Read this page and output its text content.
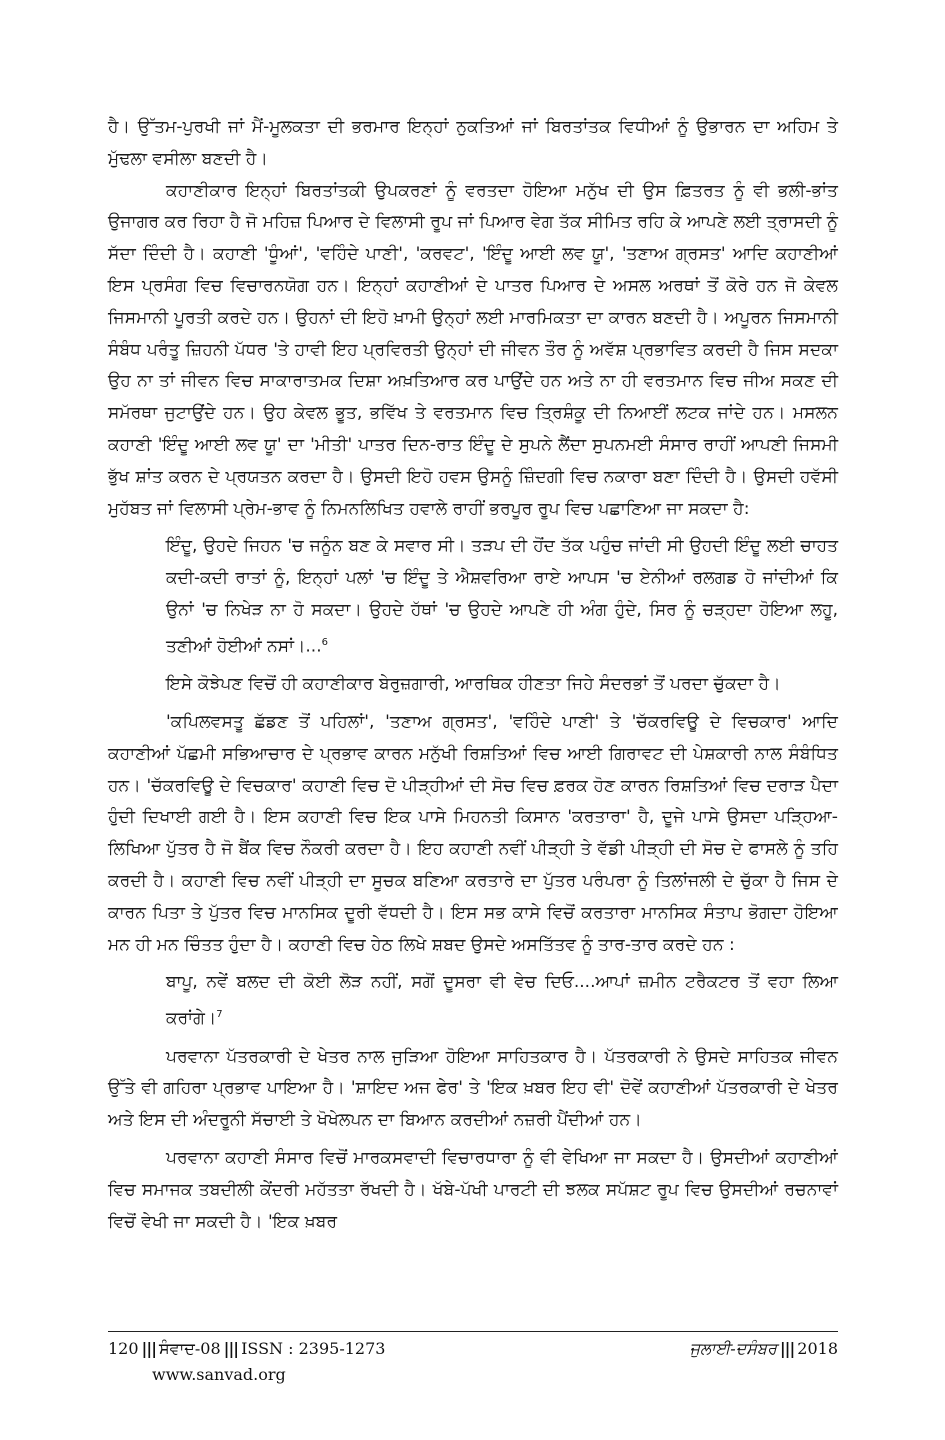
ਹੈ। ਉੱਤਮ-ਪੁਰਖੀ ਜਾਂ ਮੈਂ-ਮੂਲਕਤਾ ਦੀ ਭਰਮਾਰ ਇਨ੍ਹਾਂ ਨੁਕਤਿਆਂ ਜਾਂ ਬਿਰਤਾਂਤਕ ਵਿਧੀਆਂ ਨੂੰ ਉਭਾਰਨ ਦਾ ਅਹਿਮ ਤੇ ਮੁੱਢਲਾ ਵਸੀਲਾ ਬਣਦੀ ਹੈ।

ਕਹਾਣੀਕਾਰ ਇਨ੍ਹਾਂ ਬਿਰਤਾਂਤਕੀ ਉਪਕਰਣਾਂ ਨੂੰ ਵਰਤਦਾ ਹੋਇਆ ਮਨੁੱਖ ਦੀ ਉਸ ਫ਼ਿਤਰਤ ਨੂੰ ਵੀ ਭਲੀ-ਭਾਂਤ ਉਜਾਗਰ ਕਰ ਰਿਹਾ ਹੈ ਜੋ ਮਹਿਜ਼ ਪਿਆਰ ਦੇ ਵਿਲਾਸੀ ਰੂਪ ਜਾਂ ਪਿਆਰ ਵੇਗ ਤੱਕ ਸੀਮਿਤ ਰਹਿ ਕੇ ਆਪਣੇ ਲਈ ਤ੍ਰਾਸਦੀ ਨੂੰ ਸੱਦਾ ਦਿੰਦੀ ਹੈ। ਕਹਾਣੀ 'ਧੂੰਆਂ', 'ਵਹਿੰਦੇ ਪਾਣੀ', 'ਕਰਵਟ', 'ਇੰਦੂ ਆਈ ਲਵ ਯੂ', 'ਤਣਾਅ ਗ੍ਰਸਤ' ਆਦਿ ਕਹਾਣੀਆਂ ਇਸ ਪ੍ਰਸੰਗ ਵਿਚ ਵਿਚਾਰਨਯੋਗ ਹਨ। ਇਨ੍ਹਾਂ ਕਹਾਣੀਆਂ ਦੇ ਪਾਤਰ ਪਿਆਰ ਦੇ ਅਸਲ ਅਰਥਾਂ ਤੋਂ ਕੋਰੇ ਹਨ ਜੋ ਕੇਵਲ ਜਿਸਮਾਨੀ ਪੂਰਤੀ ਕਰਦੇ ਹਨ। ਉਹਨਾਂ ਦੀ ਇਹੋ ਖ਼ਾਮੀ ਉਨ੍ਹਾਂ ਲਈ ਮਾਰਮਿਕਤਾ ਦਾ ਕਾਰਨ ਬਣਦੀ ਹੈ। ਅਪੂਰਨ ਜਿਸਮਾਨੀ ਸੰਬੰਧ ਪਰੰਤੂ ਜ਼ਿਹਨੀ ਪੱਧਰ 'ਤੇ ਹਾਵੀ ਇਹ ਪ੍ਰਵਿਰਤੀ ਉਨ੍ਹਾਂ ਦੀ ਜੀਵਨ ਤੌਰ ਨੂੰ ਅਵੱਸ਼ ਪ੍ਰਭਾਵਿਤ ਕਰਦੀ ਹੈ ਜਿਸ ਸਦਕਾ ਉਹ ਨਾ ਤਾਂ ਜੀਵਨ ਵਿਚ ਸਾਕਾਰਾਤਮਕ ਦਿਸ਼ਾ ਅਖ਼ਤਿਆਰ ਕਰ ਪਾਉਂਦੇ ਹਨ ਅਤੇ ਨਾ ਹੀ ਵਰਤਮਾਨ ਵਿਚ ਜੀਅ ਸਕਣ ਦੀ ਸਮੱਰਥਾ ਜੁਟਾਉਂਦੇ ਹਨ। ਉਹ ਕੇਵਲ ਭੂਤ, ਭਵਿੱਖ ਤੇ ਵਰਤਮਾਨ ਵਿਚ ਤ੍ਰਿਸ਼ੰਕੂ ਦੀ ਨਿਆਈਂ ਲਟਕ ਜਾਂਦੇ ਹਨ। ਮਸਲਨ ਕਹਾਣੀ 'ਇੰਦੂ ਆਈ ਲਵ ਯੂ' ਦਾ 'ਮੀਤੀ' ਪਾਤਰ ਦਿਨ-ਰਾਤ ਇੰਦੂ ਦੇ ਸੁਪਨੇ ਲੈਂਦਾ ਸੁਪਨਮਈ ਸੰਸਾਰ ਰਾਹੀਂ ਆਪਣੀ ਜਿਸਮੀ ਭੁੱਖ ਸ਼ਾਂਤ ਕਰਨ ਦੇ ਪ੍ਰਯਤਨ ਕਰਦਾ ਹੈ। ਉਸਦੀ ਇਹੋ ਹਵਸ ਉਸਨੂੰ ਜ਼ਿੰਦਗੀ ਵਿਚ ਨਕਾਰਾ ਬਣਾ ਦਿੰਦੀ ਹੈ। ਉਸਦੀ ਹਵੱਸੀ ਮੁਹੱਬਤ ਜਾਂ ਵਿਲਾਸੀ ਪ੍ਰੇਮ-ਭਾਵ ਨੂੰ ਨਿਮਨਲਿਖਿਤ ਹਵਾਲੇ ਰਾਹੀਂ ਭਰਪੂਰ ਰੂਪ ਵਿਚ ਪਛਾਣਿਆ ਜਾ ਸਕਦਾ ਹੈ:

ਇੰਦੂ, ਉਹਦੇ ਜਿਹਨ 'ਚ ਜਨੂੰਨ ਬਣ ਕੇ ਸਵਾਰ ਸੀ। ਤੜਪ ਦੀ ਹੋਂਦ ਤੱਕ ਪਹੁੰਚ ਜਾਂਦੀ ਸੀ ਉਹਦੀ ਇੰਦੂ ਲਈ ਚਾਹਤ ਕਦੀ-ਕਦੀ ਰਾਤਾਂ ਨੂੰ, ਇਨ੍ਹਾਂ ਪਲਾਂ 'ਚ ਇੰਦੂ ਤੇ ਐਸ਼ਵਰਿਆ ਰਾਏ ਆਪਸ 'ਚ ਏਨੀਆਂ ਰਲਗਡ ਹੋ ਜਾਂਦੀਆਂ ਕਿ ਉਨਾਂ 'ਚ ਨਿਖੇੜ ਨਾ ਹੋ ਸਕਦਾ। ਉਹਦੇ ਹੱਥਾਂ 'ਚ ਉਹਦੇ ਆਪਣੇ ਹੀ ਅੰਗ ਹੁੰਦੇ, ਸਿਰ ਨੂੰ ਚੜ੍ਹਦਾ ਹੋਇਆ ਲਹੂ, ਤਣੀਆਂ ਹੋਈਆਂ ਨਸਾਂ।...$^6$

ਇਸੇ ਕੋਝੇਪਣ ਵਿਚੋਂ ਹੀ ਕਹਾਣੀਕਾਰ ਬੇਰੁਜ਼ਗਾਰੀ, ਆਰਥਿਕ ਹੀਣਤਾ ਜਿਹੇ ਸੰਦਰਭਾਂ ਤੋਂ ਪਰਦਾ ਚੁੱਕਦਾ ਹੈ।

'ਕਪਿਲਵਸਤੂ ਛੱਡਣ ਤੋਂ ਪਹਿਲਾਂ', 'ਤਣਾਅ ਗ੍ਰਸਤ', 'ਵਹਿੰਦੇ ਪਾਣੀ' ਤੇ 'ਚੱਕਰਵਿਊ ਦੇ ਵਿਚਕਾਰ' ਆਦਿ ਕਹਾਣੀਆਂ ਪੱਛਮੀ ਸਭਿਆਚਾਰ ਦੇ ਪ੍ਰਭਾਵ ਕਾਰਨ ਮਨੁੱਖੀ ਰਿਸ਼ਤਿਆਂ ਵਿਚ ਆਈ ਗਿਰਾਵਟ ਦੀ ਪੇਸ਼ਕਾਰੀ ਨਾਲ ਸੰਬੰਧਿਤ ਹਨ। 'ਚੱਕਰਵਿਊ ਦੇ ਵਿਚਕਾਰ' ਕਹਾਣੀ ਵਿਚ ਦੋ ਪੀੜ੍ਹੀਆਂ ਦੀ ਸੋਚ ਵਿਚ ਫ਼ਰਕ ਹੋਣ ਕਾਰਨ ਰਿਸ਼ਤਿਆਂ ਵਿਚ ਦਰਾੜ ਪੈਦਾ ਹੁੰਦੀ ਦਿਖਾਈ ਗਈ ਹੈ। ਇਸ ਕਹਾਣੀ ਵਿਚ ਇਕ ਪਾਸੇ ਮਿਹਨਤੀ ਕਿਸਾਨ 'ਕਰਤਾਰਾ' ਹੈ, ਦੂਜੇ ਪਾਸੇ ਉਸਦਾ ਪੜ੍ਹਿਆ-ਲਿਖਿਆ ਪੁੱਤਰ ਹੈ ਜੋ ਬੈਂਕ ਵਿਚ ਨੌਕਰੀ ਕਰਦਾ ਹੈ। ਇਹ ਕਹਾਣੀ ਨਵੀਂ ਪੀੜ੍ਹੀ ਤੇ ਵੱਡੀ ਪੀੜ੍ਹੀ ਦੀ ਸੋਚ ਦੇ ਫਾਸਲੇ ਨੂੰ ਤਹਿ ਕਰਦੀ ਹੈ। ਕਹਾਣੀ ਵਿਚ ਨਵੀਂ ਪੀੜ੍ਹੀ ਦਾ ਸੂਚਕ ਬਣਿਆ ਕਰਤਾਰੇ ਦਾ ਪੁੱਤਰ ਪਰੰਪਰਾ ਨੂੰ ਤਿਲਾਂਜਲੀ ਦੇ ਚੁੱਕਾ ਹੈ ਜਿਸ ਦੇ ਕਾਰਨ ਪਿਤਾ ਤੇ ਪੁੱਤਰ ਵਿਚ ਮਾਨਸਿਕ ਦੂਰੀ ਵੱਧਦੀ ਹੈ। ਇਸ ਸਭ ਕਾਸੇ ਵਿਚੋਂ ਕਰਤਾਰਾ ਮਾਨਸਿਕ ਸੰਤਾਪ ਭੋਗਦਾ ਹੋਇਆ ਮਨ ਹੀ ਮਨ ਚਿੰਤਤ ਹੁੰਦਾ ਹੈ। ਕਹਾਣੀ ਵਿਚ ਹੇਠ ਲਿਖੇ ਸ਼ਬਦ ਉਸਦੇ ਅਸਤਿੱਤਵ ਨੂੰ ਤਾਰ-ਤਾਰ ਕਰਦੇ ਹਨ :

ਬਾਪੂ, ਨਵੇਂ ਬਲਦ ਦੀ ਕੋਈ ਲੋੜ ਨਹੀਂ, ਸਗੋਂ ਦੂਸਰਾ ਵੀ ਵੇਚ ਦਿਓ....ਆਪਾਂ ਜ਼ਮੀਨ ਟਰੈਕਟਰ ਤੋਂ ਵਹਾ ਲਿਆ ਕਰਾਂਗੇ।$^7$

ਪਰਵਾਨਾ ਪੱਤਰਕਾਰੀ ਦੇ ਖੇਤਰ ਨਾਲ ਜੁੜਿਆ ਹੋਇਆ ਸਾਹਿਤਕਾਰ ਹੈ। ਪੱਤਰਕਾਰੀ ਨੇ ਉਸਦੇ ਸਾਹਿਤਕ ਜੀਵਨ ਉੱਤੇ ਵੀ ਗਹਿਰਾ ਪ੍ਰਭਾਵ ਪਾਇਆ ਹੈ। 'ਸ਼ਾਇਦ ਅਜ ਫੇਰ' ਤੇ 'ਇਕ ਖ਼ਬਰ ਇਹ ਵੀ' ਦੋਵੇਂ ਕਹਾਣੀਆਂ ਪੱਤਰਕਾਰੀ ਦੇ ਖੇਤਰ ਅਤੇ ਇਸ ਦੀ ਅੰਦਰੂਨੀ ਸੱਚਾਈ ਤੇ ਖੋਖੇਲਪਨ ਦਾ ਬਿਆਨ ਕਰਦੀਆਂ ਨਜ਼ਰੀ ਪੈਂਦੀਆਂ ਹਨ।

ਪਰਵਾਨਾ ਕਹਾਣੀ ਸੰਸਾਰ ਵਿਚੋਂ ਮਾਰਕਸਵਾਦੀ ਵਿਚਾਰਧਾਰਾ ਨੂੰ ਵੀ ਵੇਖਿਆ ਜਾ ਸਕਦਾ ਹੈ। ਉਸਦੀਆਂ ਕਹਾਣੀਆਂ ਵਿਚ ਸਮਾਜਕ ਤਬਦੀਲੀ ਕੇਂਦਰੀ ਮਹੱਤਤਾ ਰੱਖਦੀ ਹੈ। ਖੱਬੇ-ਪੱਖੀ ਪਾਰਟੀ ਦੀ ਝਲਕ ਸਪੱਸ਼ਟ ਰੂਪ ਵਿਚ ਉਸਦੀਆਂ ਰਚਨਾਵਾਂ ਵਿਚੋਂ ਵੇਖੀ ਜਾ ਸਕਦੀ ਹੈ। 'ਇਕ ਖ਼ਬਰ

120 ||| ਸੰਵਾਦ-08 ||| ISSN : 2395-1273	ਜੁਲਾਈ-ਦਸੰਬਰ ||| 2018
www.sanvad.org
